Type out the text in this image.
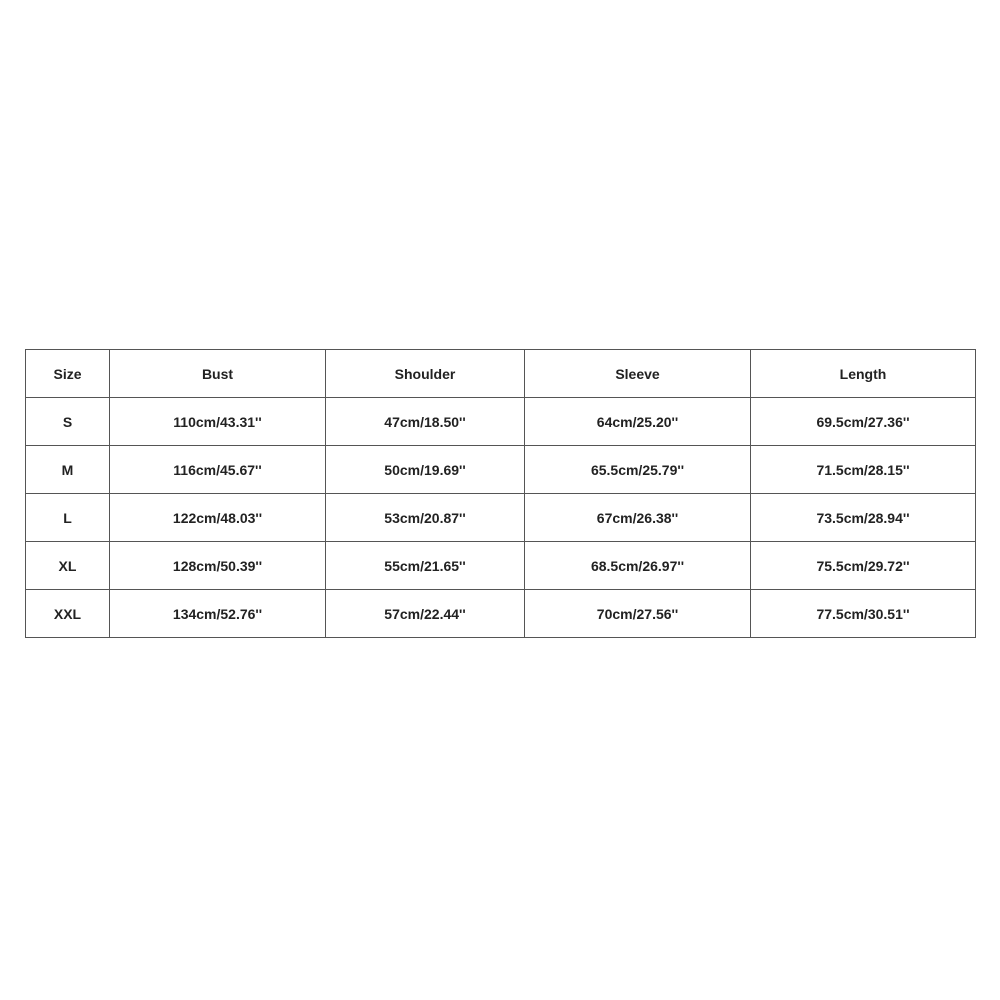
Size	Bust	Shoulder	Sleeve	Length
S	110cm/43.31''	47cm/18.50''	64cm/25.20''	69.5cm/27.36''
M	116cm/45.67''	50cm/19.69''	65.5cm/25.79''	71.5cm/28.15''
L	122cm/48.03''	53cm/20.87''	67cm/26.38''	73.5cm/28.94''
XL	128cm/50.39''	55cm/21.65''	68.5cm/26.97''	75.5cm/29.72''
XXL	134cm/52.76''	57cm/22.44''	70cm/27.56''	77.5cm/30.51''
